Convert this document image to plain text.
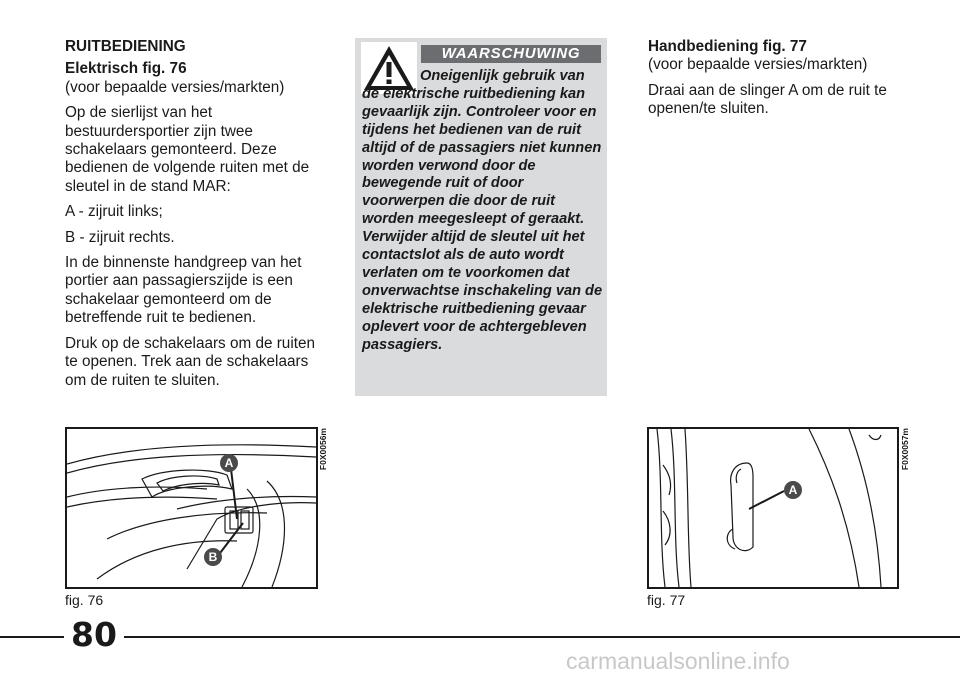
RUITBEDIENING

Elektrisch fig. 76
(voor bepaalde versies/markten)

Op de sierlijst van het bestuurdersportier zijn twee schakelaars gemonteerd. Deze bedienen de volgende ruiten met de sleutel in de stand MAR:

A - zijruit links;

B - zijruit rechts.

In de binnenste handgreep van het portier aan passagierszijde is een schakelaar gemonteerd om de betreffende ruit te bedienen.

Druk op de schakelaars om de ruiten te openen. Trek aan de schakelaars om de ruiten te sluiten.

WAARSCHUWING

Oneigenlijk gebruik van de elektrische ruitbediening kan gevaarlijk zijn. Controleer voor en tijdens het bedienen van de ruit altijd of de passagiers niet kunnen worden verwond door de bewegende ruit of door voorwerpen die door de ruit worden meegesleept of geraakt. Verwijder altijd de sleutel uit het contactslot als de auto wordt verlaten om te voorkomen dat onverwachtse inschakeling van de elektrische ruitbediening gevaar oplevert voor de achtergebleven passagiers.

Handbediening fig. 77
(voor bepaalde versies/markten)

Draai aan de slinger A om de ruit te openen/te sluiten.

A
B
F0X0056m
fig. 76
A
F0X0057m
fig. 77
80
carmanualsonline.info
